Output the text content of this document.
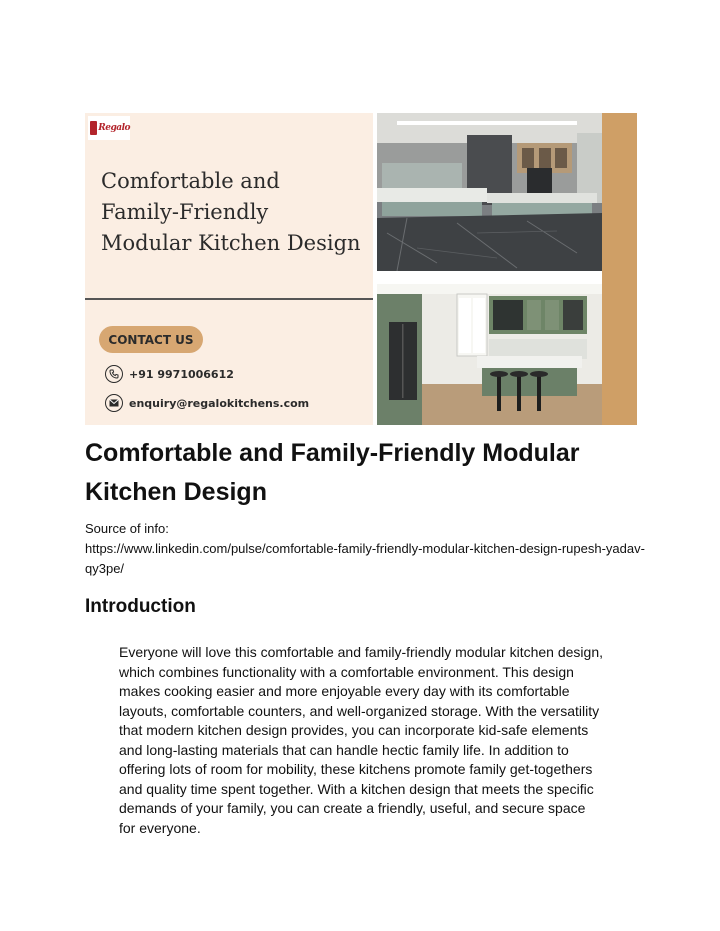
Regalo
Comfortable and
Family-Friendly
Modular Kitchen Design
CONTACT US
+91 9971006612
enquiry@regalokitchens.com
Comfortable and Family-Friendly Modular Kitchen Design
Source of info:
https://www.linkedin.com/pulse/comfortable-family-friendly-modular-kitchen-design-rupesh-yadav-qy3pe/
Introduction

Everyone will love this comfortable and family-friendly modular kitchen design, which combines functionality with a comfortable environment. This design makes cooking easier and more enjoyable every day with its comfortable layouts, comfortable counters, and well-organized storage. With the versatility that modern kitchen design provides, you can incorporate kid-safe elements and long-lasting materials that can handle hectic family life. In addition to offering lots of room for mobility, these kitchens promote family get-togethers and quality time spent together. With a kitchen design that meets the specific demands of your family, you can create a friendly, useful, and secure space for everyone.
